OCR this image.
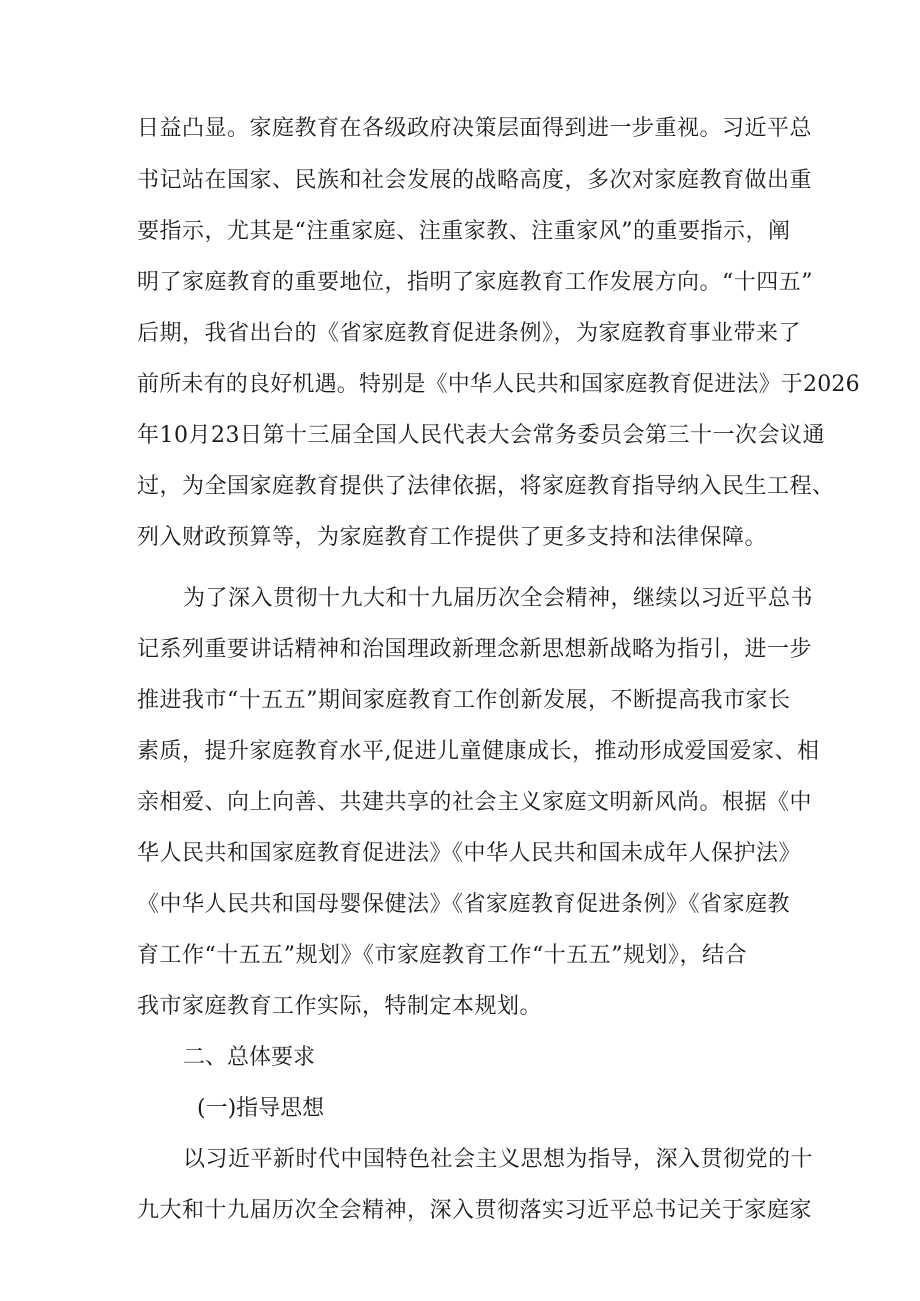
日益凸显。家庭教育在各级政府决策层面得到进一步重视。习近平总
书记站在国家、民族和社会发展的战略高度，多次对家庭教育做出重
要指示，尤其是“注重家庭、注重家教、注重家风”的重要指示，阐
明了家庭教育的重要地位，指明了家庭教育工作发展方向。“十四五”
后期，我省出台的《省家庭教育促进条例》，为家庭教育事业带来了
前所未有的良好机遇。特别是《中华人民共和国家庭教育促进法》于2026
年10月23日第十三届全国人民代表大会常务委员会第三十一次会议通
过，为全国家庭教育提供了法律依据，将家庭教育指导纳入民生工程、
列入财政预算等，为家庭教育工作提供了更多支持和法律保障。
为了深入贯彻十九大和十九届历次全会精神，继续以习近平总书
记系列重要讲话精神和治国理政新理念新思想新战略为指引，进一步
推进我市“十五五”期间家庭教育工作创新发展，不断提高我市家长
素质，提升家庭教育水平,促进儿童健康成长，推动形成爱国爱家、相
亲相爱、向上向善、共建共享的社会主义家庭文明新风尚。根据《中
华人民共和国家庭教育促进法》《中华人民共和国未成年人保护法》
《中华人民共和国母婴保健法》《省家庭教育促进条例》《省家庭教
育工作“十五五”规划》《市家庭教育工作“十五五”规划》，结合
我市家庭教育工作实际，特制定本规划。
二、总体要求
(一)指导思想
以习近平新时代中国特色社会主义思想为指导，深入贯彻党的十
九大和十九届历次全会精神，深入贯彻落实习近平总书记关于家庭家
